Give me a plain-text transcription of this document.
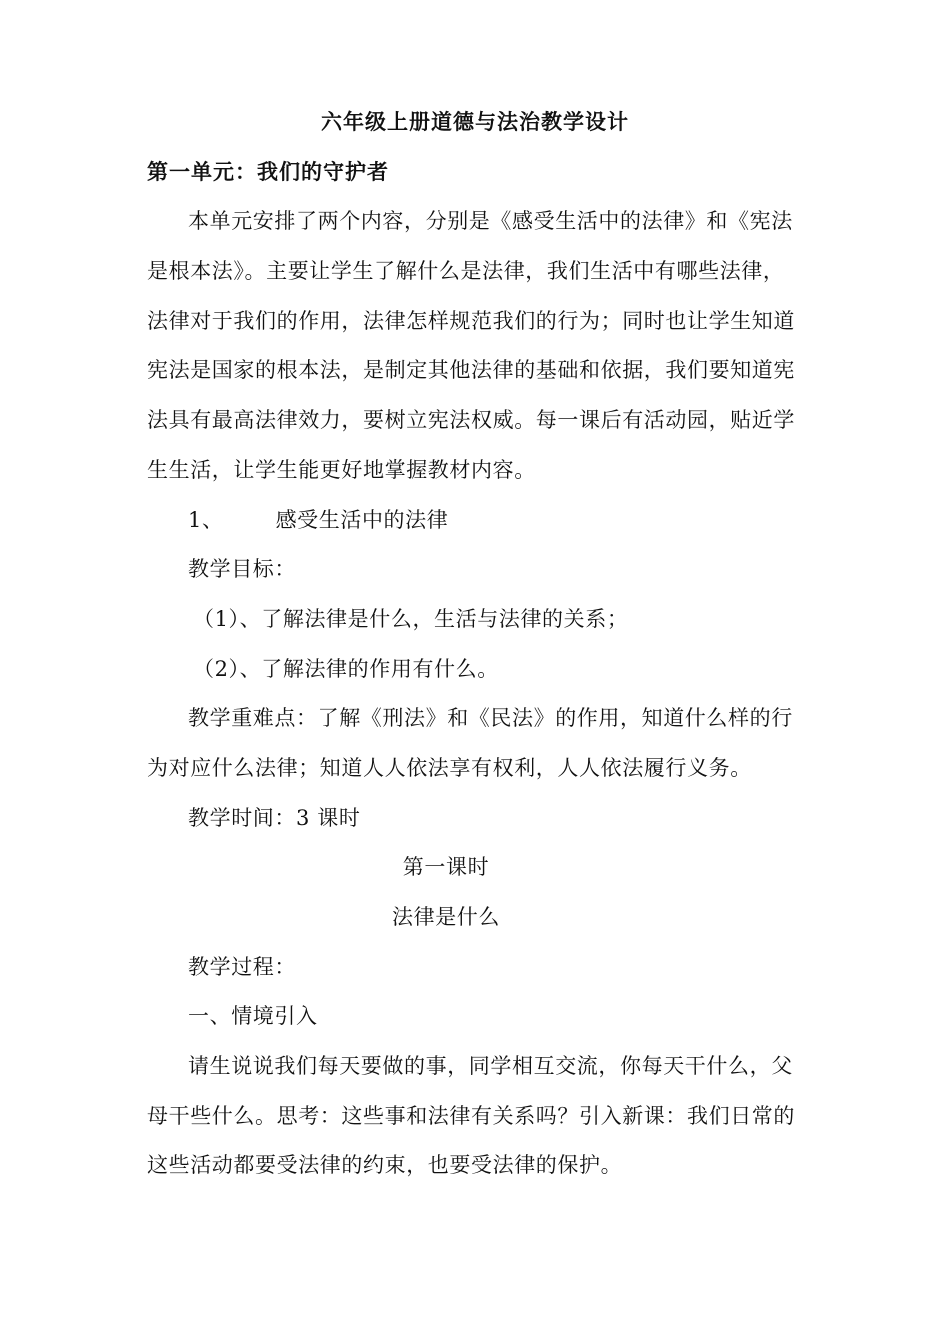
六年级上册道德与法治教学设计
第一单元：我们的守护者
本单元安排了两个内容，分别是《感受生活中的法律》和《宪法
是根本法》。主要让学生了解什么是法律，我们生活中有哪些法律，
法律对于我们的作用，法律怎样规范我们的行为；同时也让学生知道
宪法是国家的根本法，是制定其他法律的基础和依据，我们要知道宪
法具有最高法律效力，要树立宪法权威。每一课后有活动园，贴近学
生生活，让学生能更好地掌握教材内容。
1、 感受生活中的法律
教学目标：
（1）、了解法律是什么，生活与法律的关系；
（2）、了解法律的作用有什么。
教学重难点：了解《刑法》和《民法》的作用，知道什么样的行
为对应什么法律；知道人人依法享有权利，人人依法履行义务。
教学时间：3 课时
第一课时
法律是什么
教学过程：
一、情境引入
请生说说我们每天要做的事，同学相互交流，你每天干什么，父
母干些什么。思考：这些事和法律有关系吗？引入新课：我们日常的
这些活动都要受法律的约束，也要受法律的保护。
